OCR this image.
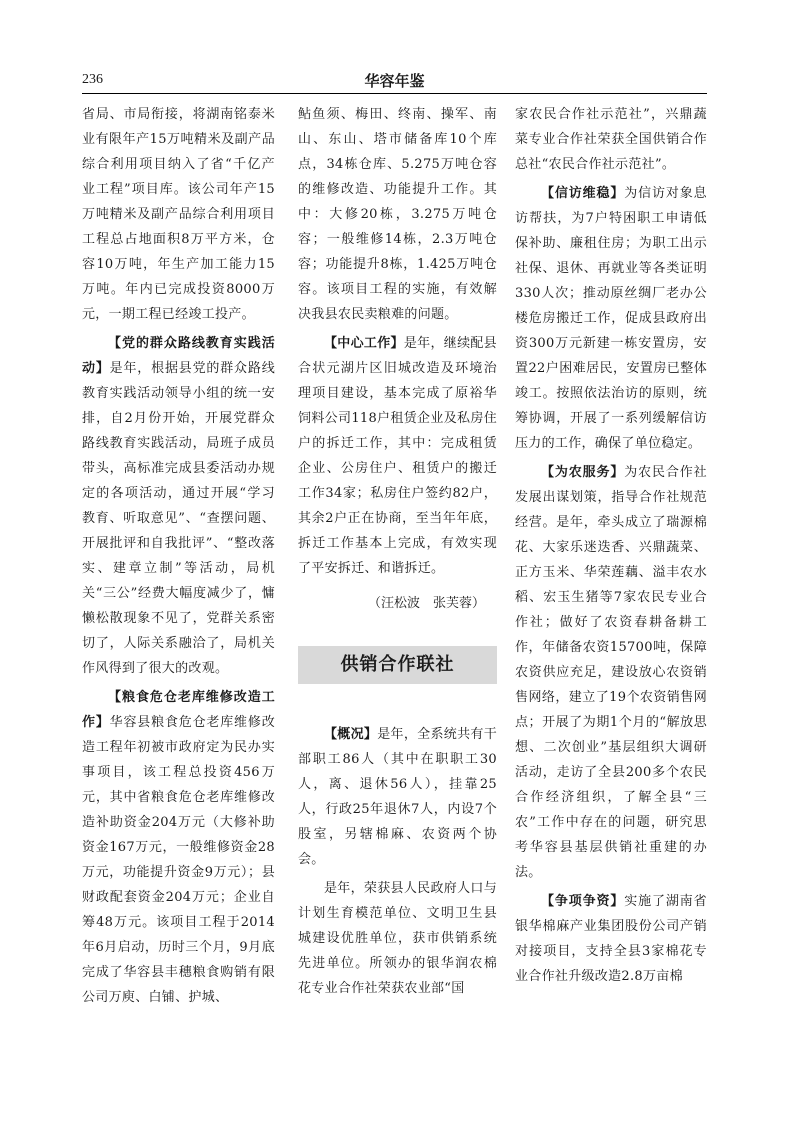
236	华容年鉴

省局、市局衔接，将湖南铭泰米业有限年产15万吨精米及副产品综合利用项目纳入了省“千亿产业工程”项目库。该公司年产15万吨精米及副产品综合利用项目工程总占地面积8万平方米，仓容10万吨，年生产加工能力15万吨。年内已完成投资8000万元，一期工程已经竣工投产。

【党的群众路线教育实践活动】是年，根据县党的群众路线教育实践活动领导小组的统一安排，自2月份开始，开展党群众路线教育实践活动，局班子成员带头，高标准完成县委活动办规定的各项活动，通过开展“学习教育、听取意见”、“查摆问题、开展批评和自我批评”、“整改落实、建章立制”等活动，局机关“三公”经费大幅度减少了，慵懒松散现象不见了，党群关系密切了，人际关系融洽了，局机关作风得到了很大的改观。

【粮食危仓老库维修改造工作】华容县粮食危仓老库维修改造工程年初被市政府定为民办实事项目，该工程总投资456万元，其中省粮食危仓老库维修改造补助资金204万元（大修补助资金167万元，一般维修资金28万元，功能提升资金9万元）；县财政配套资金204万元；企业自筹48万元。该项目工程于2014年6月启动，历时三个月，9月底完成了华容县丰穗粮食购销有限公司万庾、白铺、护城、

鲇鱼须、梅田、终南、操军、南山、东山、塔市储备库10个库点，34栋仓库、5.275万吨仓容的维修改造、功能提升工作。其中：大修20栋，3.275万吨仓容；一般维修14栋，2.3万吨仓容；功能提升8栋，1.425万吨仓容。该项目工程的实施，有效解决我县农民卖粮难的问题。

【中心工作】是年，继续配县合状元湖片区旧城改造及环境治理项目建设，基本完成了原裕华饲料公司118户租赁企业及私房住户的拆迁工作，其中：完成租赁企业、公房住户、租赁户的搬迁工作34家；私房住户签约82户，其余2户正在协商，至当年年底，拆迁工作基本上完成，有效实现了平安拆迁、和谐拆迁。

（汪松波　张芙蓉）
供销合作联社

【概况】是年，全系统共有干部职工86人（其中在职职工30人，离、退休56人），挂靠25人，行政25年退休7人，内设7个股室，另辖棉麻、农资两个协会。

是年，荣获县人民政府人口与计划生育模范单位、文明卫生县城建设优胜单位，获市供销系统先进单位。所领办的银华润农棉花专业合作社荣获农业部“国

家农民合作社示范社”，兴鼎蔬菜专业合作社荣获全国供销合作总社“农民合作社示范社”。

【信访维稳】为信访对象息访帮扶，为7户特困职工申请低保补助、廉租住房；为职工出示社保、退休、再就业等各类证明330人次；推动原丝绸厂老办公楼危房搬迁工作，促成县政府出资300万元新建一栋安置房，安置22户困难居民，安置房已整体竣工。按照依法治访的原则，统筹协调，开展了一系列缓解信访压力的工作，确保了单位稳定。

【为农服务】为农民合作社发展出谋划策，指导合作社规范经营。是年，牵头成立了瑞源棉花、大家乐迷迭香、兴鼎蔬菜、正方玉米、华荣莲藕、溢丰农水稻、宏玉生猪等7家农民专业合作社；做好了农资春耕备耕工作，年储备农资15700吨，保障农资供应充足，建设放心农资销售网络，建立了19个农资销售网点；开展了为期1个月的“解放思想、二次创业”基层组织大调研活动，走访了全县200多个农民合作经济组织，了解全县“三农”工作中存在的问题，研究思考华容县基层供销社重建的办法。

【争项争资】实施了湖南省银华棉麻产业集团股份公司产销对接项目，支持全县3家棉花专业合作社升级改造2.8万亩棉
